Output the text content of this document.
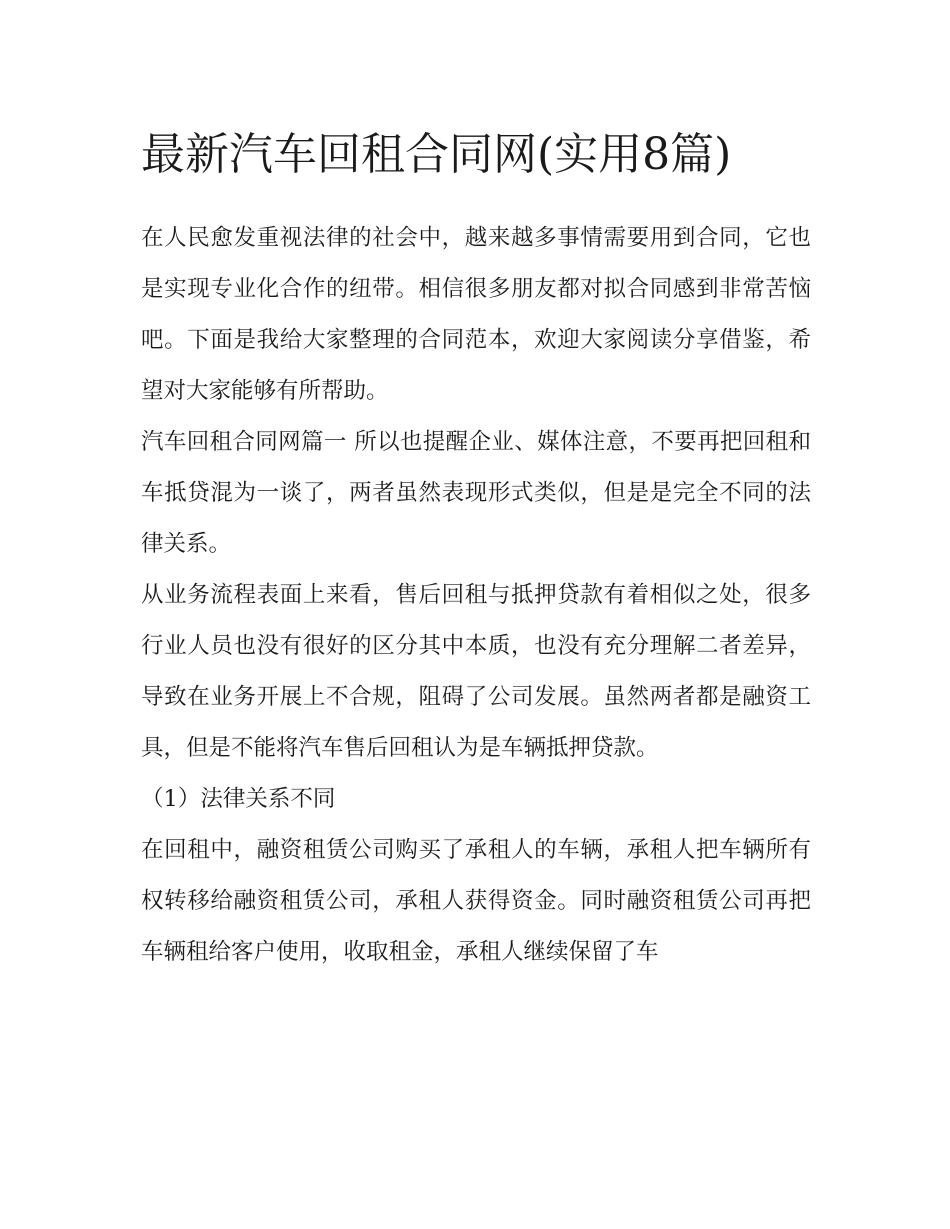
最新汽车回租合同网(实用8篇)

在人民愈发重视法律的社会中，越来越多事情需要用到合同，它也是实现专业化合作的纽带。相信很多朋友都对拟合同感到非常苦恼吧。下面是我给大家整理的合同范本，欢迎大家阅读分享借鉴，希望对大家能够有所帮助。

汽车回租合同网篇一 所以也提醒企业、媒体注意，不要再把回租和车抵贷混为一谈了，两者虽然表现形式类似，但是是完全不同的法律关系。

从业务流程表面上来看，售后回租与抵押贷款有着相似之处，很多行业人员也没有很好的区分其中本质，也没有充分理解二者差异，导致在业务开展上不合规，阻碍了公司发展。虽然两者都是融资工具，但是不能将汽车售后回租认为是车辆抵押贷款。

（1）法律关系不同

在回租中，融资租赁公司购买了承租人的车辆，承租人把车辆所有权转移给融资租赁公司，承租人获得资金。同时融资租赁公司再把车辆租给客户使用，收取租金，承租人继续保留了车
